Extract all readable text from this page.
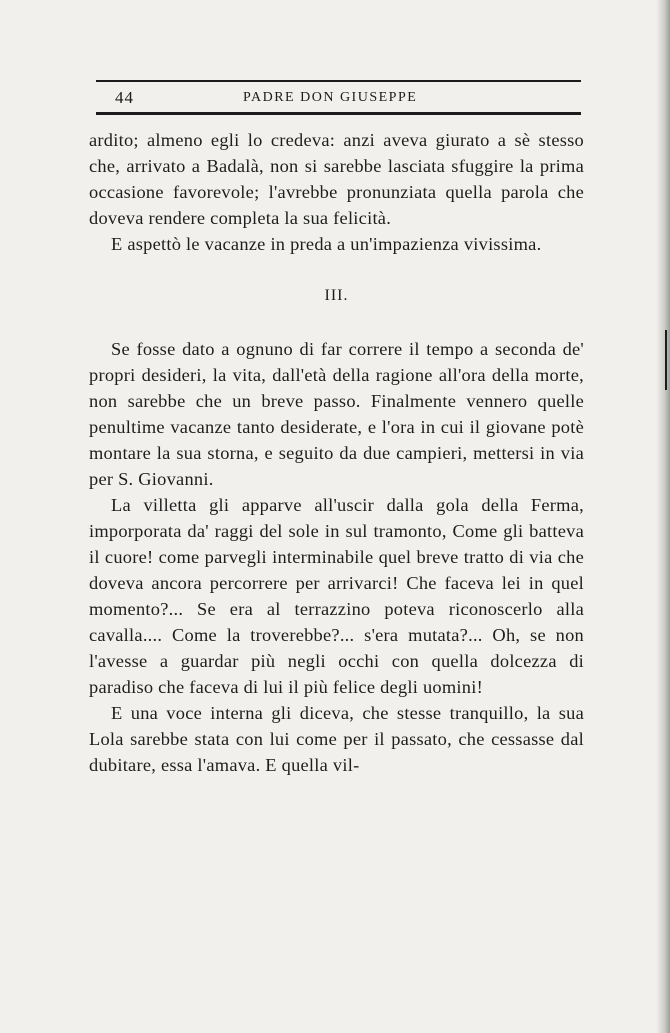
44	PADRE DON GIUSEPPE

ardito; almeno egli lo credeva: anzi aveva giurato a sè stesso che, arrivato a Badalà, non si sarebbe lasciata sfuggire la prima occasione favorevole; l'avrebbe pronunziata quella parola che doveva rendere completa la sua felicità.

E aspettò le vacanze in preda a un'impazienza vivissima.

III.

Se fosse dato a ognuno di far correre il tempo a seconda de' propri desideri, la vita, dall'età della ragione all'ora della morte, non sarebbe che un breve passo. Finalmente vennero quelle penultime vacanze tanto desiderate, e l'ora in cui il giovane potè montare la sua storna, e seguito da due campieri, mettersi in via per S. Giovanni.

La villetta gli apparve all'uscir dalla gola della Ferma, imporporata da' raggi del sole in sul tramonto, Come gli batteva il cuore! come parvegli interminabile quel breve tratto di via che doveva ancora percorrere per arrivarci! Che faceva lei in quel momento?... Se era al terrazzino poteva riconoscerlo alla cavalla.... Come la troverebbe?... s'era mutata?... Oh, se non l'avesse a guardar più negli occhi con quella dolcezza di paradiso che faceva di lui il più felice degli uomini!

E una voce interna gli diceva, che stesse tranquillo, la sua Lola sarebbe stata con lui come per il passato, che cessasse dal dubitare, essa l'amava. E quella vil-
